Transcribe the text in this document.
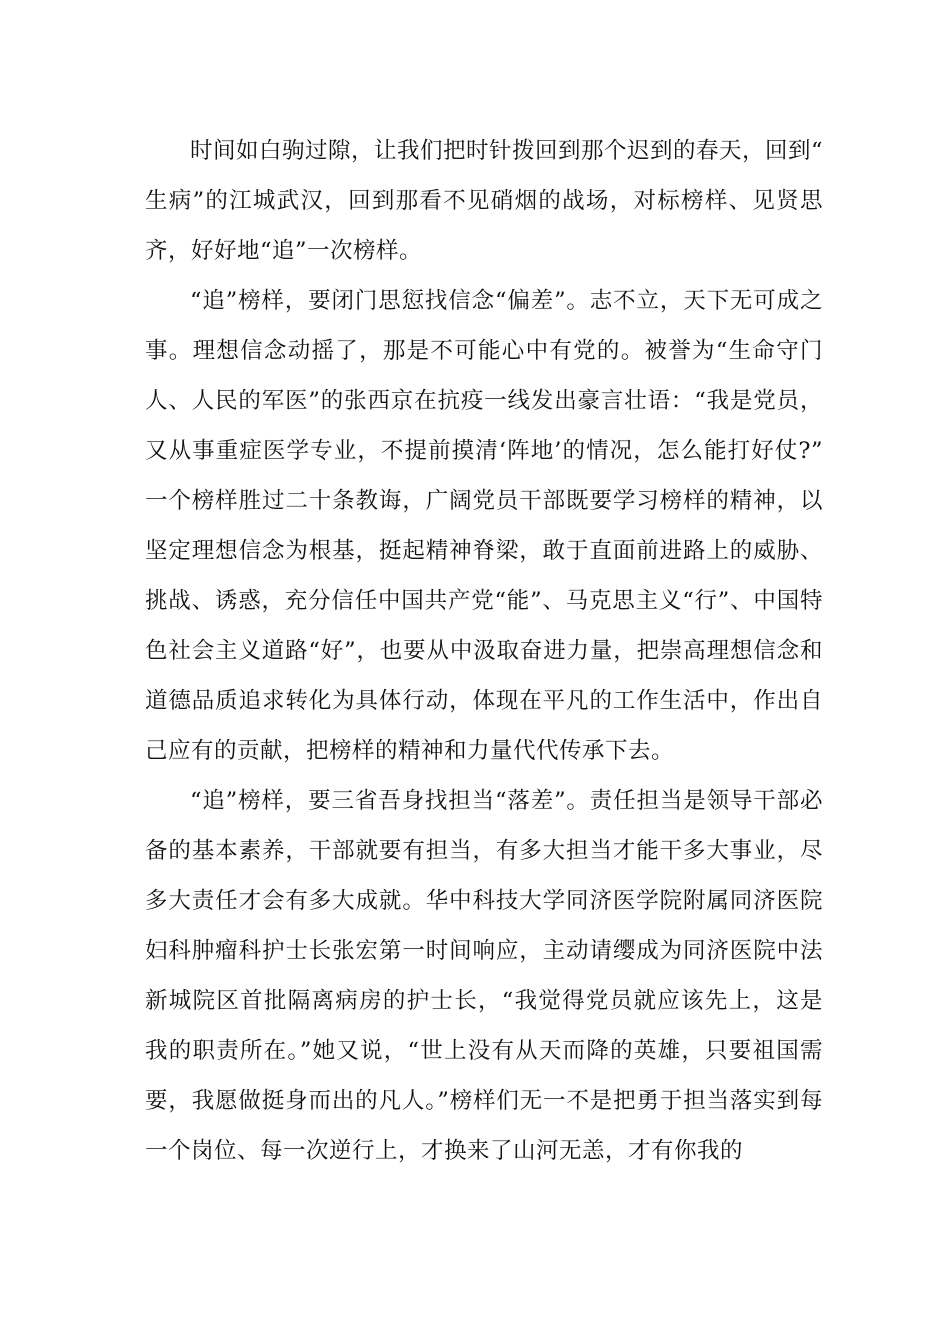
时间如白驹过隙，让我们把时针拨回到那个迟到的春天，回到“生病”的江城武汉，回到那看不见硝烟的战场，对标榜样、见贤思齐，好好地“追”一次榜样。

“追”榜样，要闭门思愆找信念“偏差”。志不立，天下无可成之事。理想信念动摇了，那是不可能心中有党的。被誉为“生命守门人、人民的军医”的张西京在抗疫一线发出豪言壮语：“我是党员，又从事重症医学专业，不提前摸清‘阵地’的情况，怎么能打好仗?”一个榜样胜过二十条教诲，广阔党员干部既要学习榜样的精神，以坚定理想信念为根基，挺起精神脊梁，敢于直面前进路上的威胁、挑战、诱惑，充分信任中国共产党“能”、马克思主义“行”、中国特色社会主义道路“好”，也要从中汲取奋进力量，把崇高理想信念和道德品质追求转化为具体行动，体现在平凡的工作生活中，作出自己应有的贡献，把榜样的精神和力量代代传承下去。

“追”榜样，要三省吾身找担当“落差”。责任担当是领导干部必备的基本素养，干部就要有担当，有多大担当才能干多大事业，尽多大责任才会有多大成就。华中科技大学同济医学院附属同济医院妇科肿瘤科护士长张宏第一时间响应，主动请缨成为同济医院中法新城院区首批隔离病房的护士长，“我觉得党员就应该先上，这是我的职责所在。”她又说，“世上没有从天而降的英雄，只要祖国需要，我愿做挺身而出的凡人。”榜样们无一不是把勇于担当落实到每一个岗位、每一次逆行上，才换来了山河无恙，才有你我的
